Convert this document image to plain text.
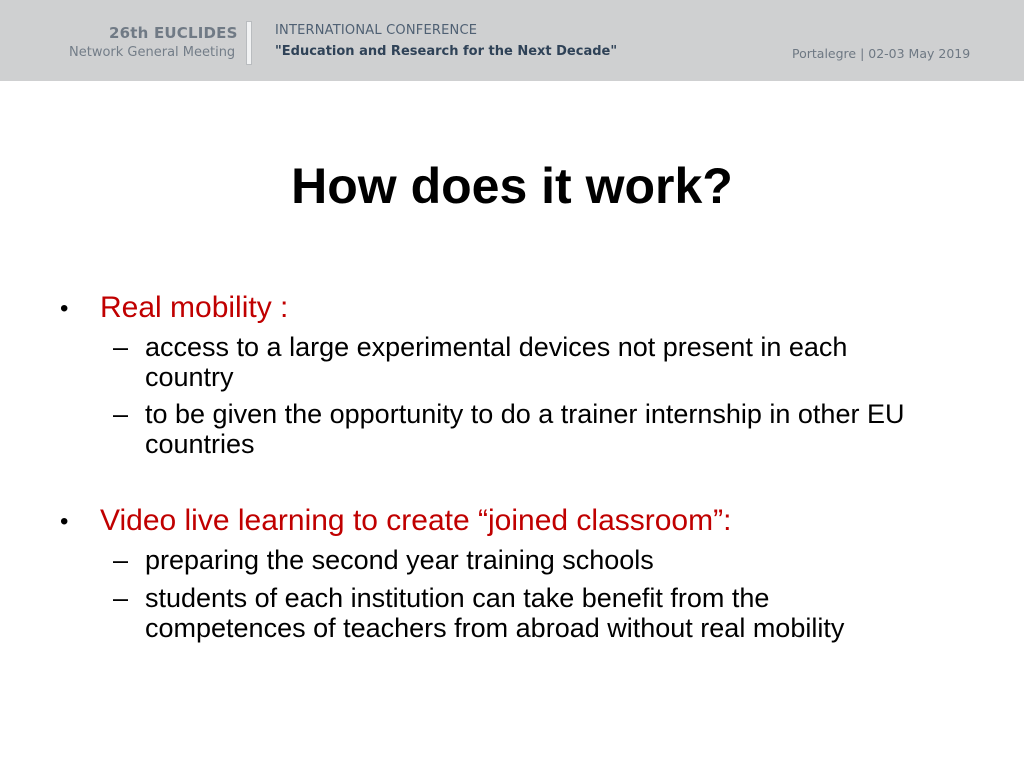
26th EUCLIDES
Network General Meeting
INTERNATIONAL CONFERENCE
"Education and Research for the Next Decade"	Portalegre | 02-03 May 2019
How does it work?
• Real mobility :
– access to a large experimental devices not present in each country
– to be given the opportunity to do a trainer internship in other EU countries
• Video live learning to create “joined classroom”:
– preparing the second year training schools
– students of each institution can take benefit from the competences of teachers from abroad without real mobility
